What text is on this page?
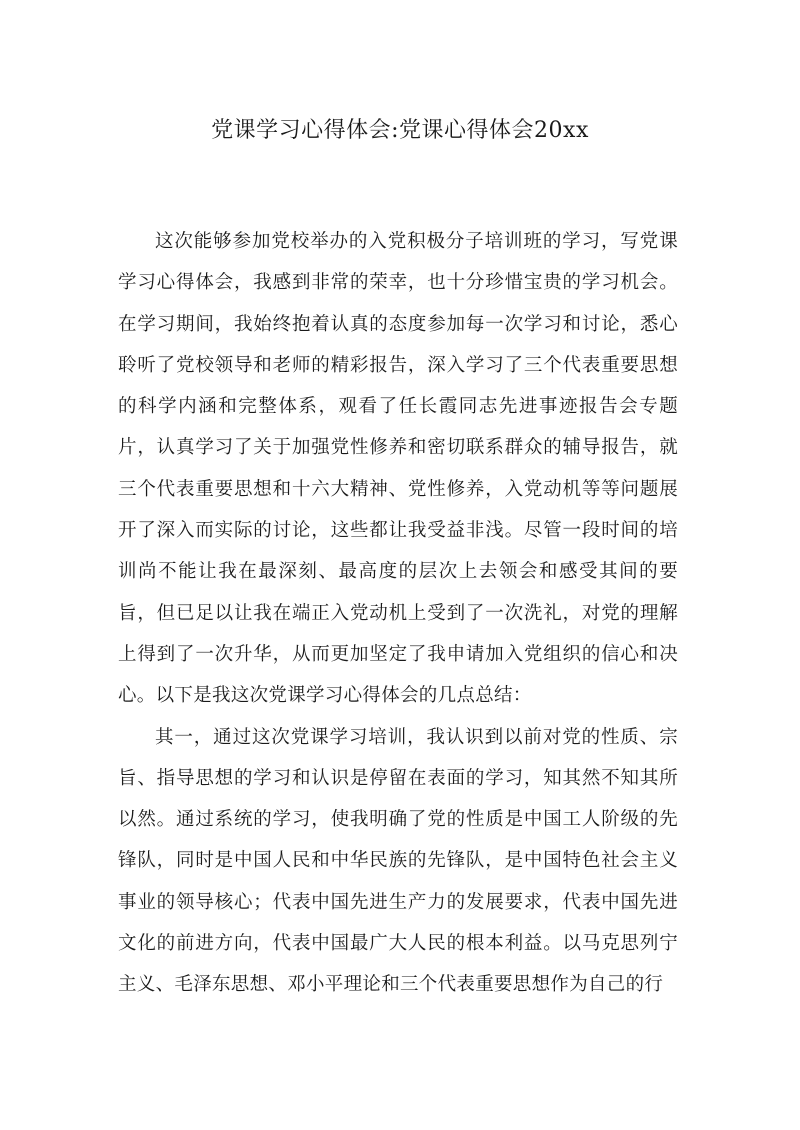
党课学习心得体会:党课心得体会20xx

这次能够参加党校举办的入党积极分子培训班的学习，写党课学习心得体会，我感到非常的荣幸，也十分珍惜宝贵的学习机会。在学习期间，我始终抱着认真的态度参加每一次学习和讨论，悉心聆听了党校领导和老师的精彩报告，深入学习了三个代表重要思想的科学内涵和完整体系，观看了任长霞同志先进事迹报告会专题片，认真学习了关于加强党性修养和密切联系群众的辅导报告，就三个代表重要思想和十六大精神、党性修养，入党动机等等问题展开了深入而实际的讨论，这些都让我受益非浅。尽管一段时间的培训尚不能让我在最深刻、最高度的层次上去领会和感受其间的要旨，但已足以让我在端正入党动机上受到了一次洗礼，对党的理解上得到了一次升华，从而更加坚定了我申请加入党组织的信心和决心。以下是我这次党课学习心得体会的几点总结：

其一，通过这次党课学习培训，我认识到以前对党的性质、宗旨、指导思想的学习和认识是停留在表面的学习，知其然不知其所以然。通过系统的学习，使我明确了党的性质是中国工人阶级的先锋队，同时是中国人民和中华民族的先锋队，是中国特色社会主义事业的领导核心；代表中国先进生产力的发展要求，代表中国先进文化的前进方向，代表中国最广大人民的根本利益。以马克思列宁主义、毛泽东思想、邓小平理论和三个代表重要思想作为自己的行
